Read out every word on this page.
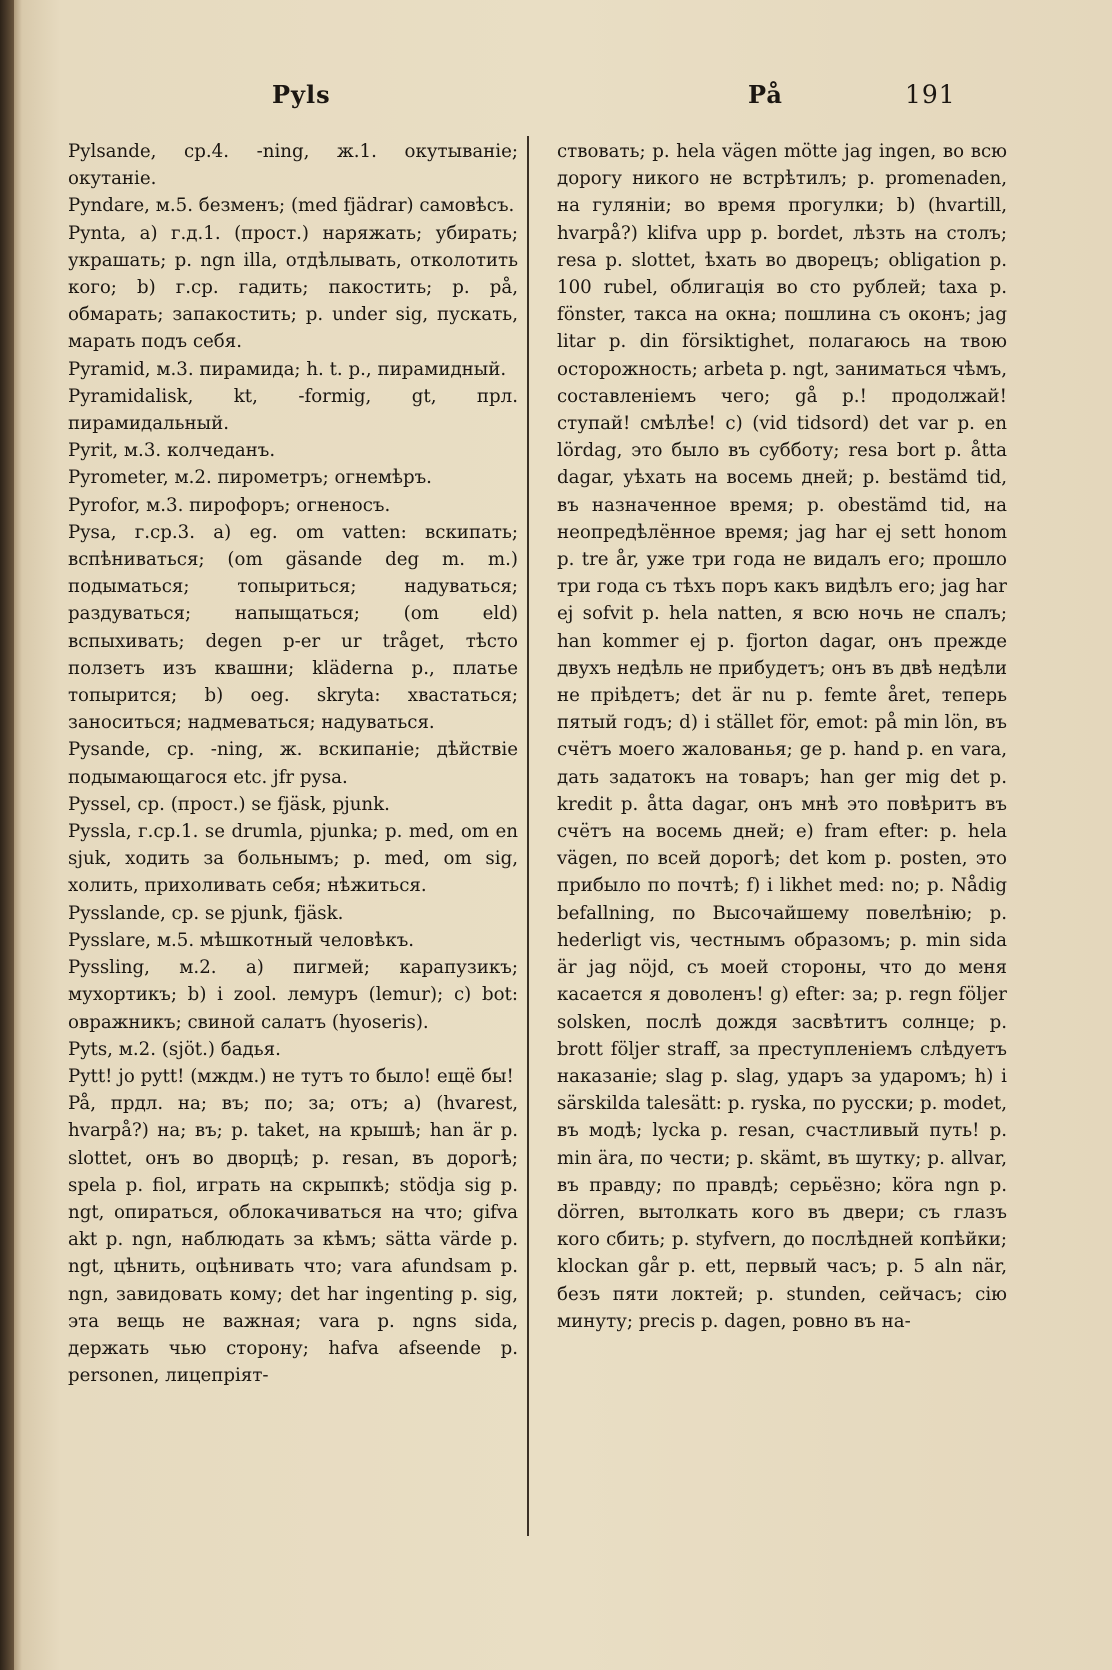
Pyls	På	191

Pylsande, ср.4. -ning, ж.1. окутываніе; окутаніе.

Pyndare, м.5. безменъ; (med fjädrar) самовѣсъ.

Pynta, a) г.д.1. (прост.) наряжать; убирать; украшать; p. ngn illa, отдѣлывать, отколотить кого; b) г.ср. гадить; пакостить; p. på, обмарать; запакостить; p. under sig, пускать, марать подъ себя.

Pyramid, м.3. пирамида; h. t. p., пирамидный.

Pyramidalisk, kt, -formig, gt, прл. пирамидальный.

Pyrit, м.3. колчеданъ.

Pyrometer, м.2. пирометръ; огнемѣръ.

Pyrofor, м.3. пирофоръ; огненосъ.

Pysa, г.ср.3. a) eg. om vatten: вскипать; вспѣниваться; (om gäsande deg m. m.) подыматься; топыриться; надуваться; раздуваться; напыщаться; (om eld) вспыхивать; degen p-er ur tråget, тѣсто ползетъ изъ квашни; kläderna p., платье топырится; b) oeg. skryta: хвастаться; заноситься; надмеваться; надуваться.

Pysande, ср. -ning, ж. вскипаніе; дѣйствіе подымающагося etc. jfr pysa.

Pyssel, ср. (прост.) se fjäsk, pjunk.

Pyssla, г.ср.1. se drumla, pjunka; p. med, om en sjuk, ходить за больнымъ; p. med, om sig, холить, прихоливать себя; нѣжиться.

Pysslande, ср. se pjunk, fjäsk.

Pysslare, м.5. мѣшкотный человѣкъ.

Pyssling, м.2. a) пигмей; карапузикъ; мухортикъ; b) i zool. лемуръ (lemur); c) bot: овражникъ; свиной салатъ (hyoseris).

Pyts, м.2. (sjöt.) бадья.

Pytt! jo pytt! (мждм.) не тутъ то было! ещё бы!

På, прдл. на; въ; по; за; отъ; a) (hvarest, hvarpå?) на; въ; p. taket, на крышѣ; han är p. slottet, онъ во дворцѣ; p. resan, въ дорогѣ; spela p. fiol, играть на скрыпкѣ; stödja sig p. ngt, опираться, облокачиваться на что; gifva akt p. ngn, наблюдать за кѣмъ; sätta värde p. ngt, цѣнить, оцѣнивать что; vara afundsam p. ngn, завидовать кому; det har ingenting p. sig, эта вещь не важная; vara p. ngns sida, держать чью сторону; hafva afseende p. personen, лицепріят-

ствовать; p. hela vägen mötte jag ingen, во всю дорогу никого не встрѣтилъ; p. promenaden, на гуляніи; во время прогулки; b) (hvartill, hvarpå?) klifva upp p. bordet, лѣзть на столъ; resa p. slottet, ѣхать во дворецъ; obligation p. 100 rubel, облигація во сто рублей; taxa p. fönster, такса на окна; пошлина съ оконъ; jag litar p. din försiktighet, полагаюсь на твою осторожность; arbeta p. ngt, заниматься чѣмъ, составленіемъ чего; gå p.! продолжай! ступай! смѣлѣе! c) (vid tidsord) det var p. en lördag, это было въ субботу; resa bort p. åtta dagar, уѣхать на восемь дней; p. bestämd tid, въ назначенное время; p. obestämd tid, на неопредѣлённое время; jag har ej sett honom p. tre år, уже три года не видалъ его; прошло три года съ тѣхъ поръ какъ видѣлъ его; jag har ej sofvit p. hela natten, я всю ночь не спалъ; han kommer ej p. fjorton dagar, онъ прежде двухъ недѣль не прибудетъ; онъ въ двѣ недѣли не пріѣдетъ; det är nu p. femte året, теперь пятый годъ; d) i stället för, emot: på min lön, въ счётъ моего жалованья; ge p. hand p. en vara, дать задатокъ на товаръ; han ger mig det p. kredit p. åtta dagar, онъ мнѣ это повѣритъ въ счётъ на восемь дней; e) fram efter: p. hela vägen, по всей дорогѣ; det kom p. posten, это прибыло по почтѣ; f) i likhet med: no; p. Nådig befallning, по Высочайшему повелѣнію; p. hederligt vis, честнымъ образомъ; p. min sida är jag nöjd, съ моей стороны, что до меня касается я доволенъ! g) efter: за; p. regn följer solsken, послѣ дождя засвѣтитъ солнце; p. brott följer straff, за преступленіемъ слѣдуетъ наказаніе; slag p. slag, ударъ за ударомъ; h) i särskilda talesätt: p. ryska, по русски; p. modet, въ модѣ; lycka p. resan, счастливый путь! p. min ära, по чести; p. skämt, въ шутку; p. allvar, въ правду; по правдѣ; серьёзно; köra ngn p. dörren, вытолкать кого въ двери; съ глазъ кого сбить; p. styfvern, до послѣдней копѣйки; klockan går p. ett, первый часъ; p. 5 aln när, безъ пяти локтей; p. stunden, сейчасъ; сію минуту; precis p. dagen, ровно въ на-
